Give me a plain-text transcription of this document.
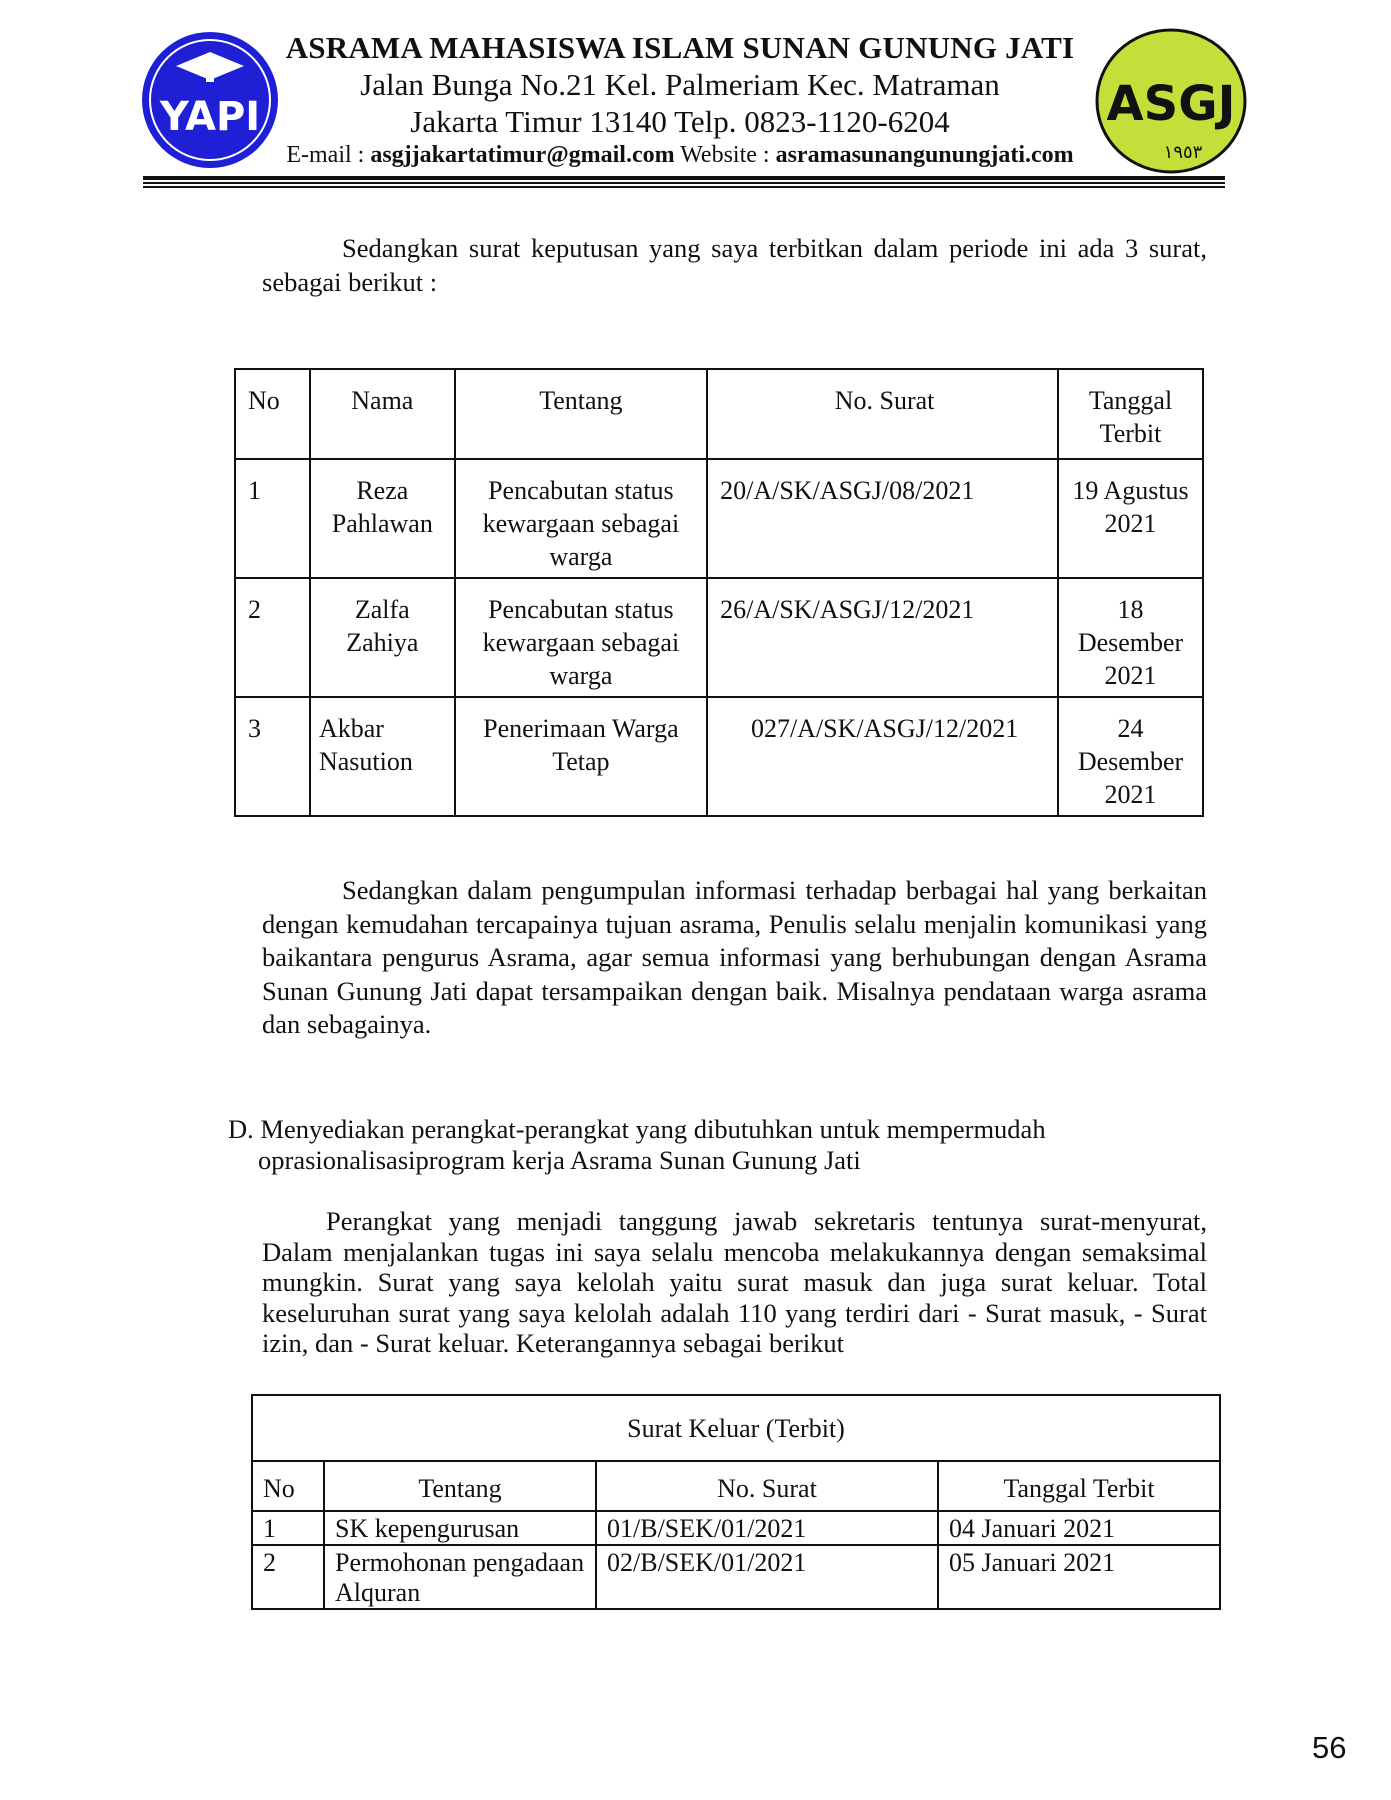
YAPI
ASRAMA MAHASISWA ISLAM SUNAN GUNUNG JATI
Jalan Bunga No.21 Kel. Palmeriam Kec. Matraman
Jakarta Timur 13140 Telp. 0823-1120-6204
E-mail : asgjjakartatimur@gmail.com Website : asramasunangunungjati.com
ASGJ
١٩٥٣
Sedangkan surat keputusan yang saya terbitkan dalam periode ini ada 3 surat, sebagai berikut :
No	Nama	Tentang	No. Surat	Tanggal Terbit
1	Reza Pahlawan	Pencabutan status kewargaan sebagai warga	20/A/SK/ASGJ/08/2021	19 Agustus 2021
2	Zalfa Zahiya	Pencabutan status kewargaan sebagai warga	26/A/SK/ASGJ/12/2021	18 Desember 2021
3	Akbar Nasution	Penerimaan Warga Tetap	027/A/SK/ASGJ/12/2021	24 Desember 2021
Sedangkan dalam pengumpulan informasi terhadap berbagai hal yang berkaitan dengan kemudahan tercapainya tujuan asrama, Penulis selalu menjalin komunikasi yang baikantara pengurus Asrama, agar semua informasi yang berhubungan dengan Asrama Sunan Gunung Jati dapat tersampaikan dengan baik. Misalnya pendataan warga asrama dan sebagainya.
D. Menyediakan perangkat-perangkat yang dibutuhkan untuk mempermudah oprasionalisasiprogram kerja Asrama Sunan Gunung Jati
Perangkat yang menjadi tanggung jawab sekretaris tentunya surat-menyurat, Dalam menjalankan tugas ini saya selalu mencoba melakukannya dengan semaksimal mungkin. Surat yang saya kelolah yaitu surat masuk dan juga surat keluar. Total keseluruhan surat yang saya kelolah adalah 110 yang terdiri dari - Surat masuk, - Surat izin, dan - Surat keluar. Keterangannya sebagai berikut
Surat Keluar (Terbit)			
No	Tentang	No. Surat	Tanggal Terbit
1	SK kepengurusan	01/B/SEK/01/2021	04 Januari 2021
2	Permohonan pengadaan Alquran	02/B/SEK/01/2021	05 Januari 2021
56
